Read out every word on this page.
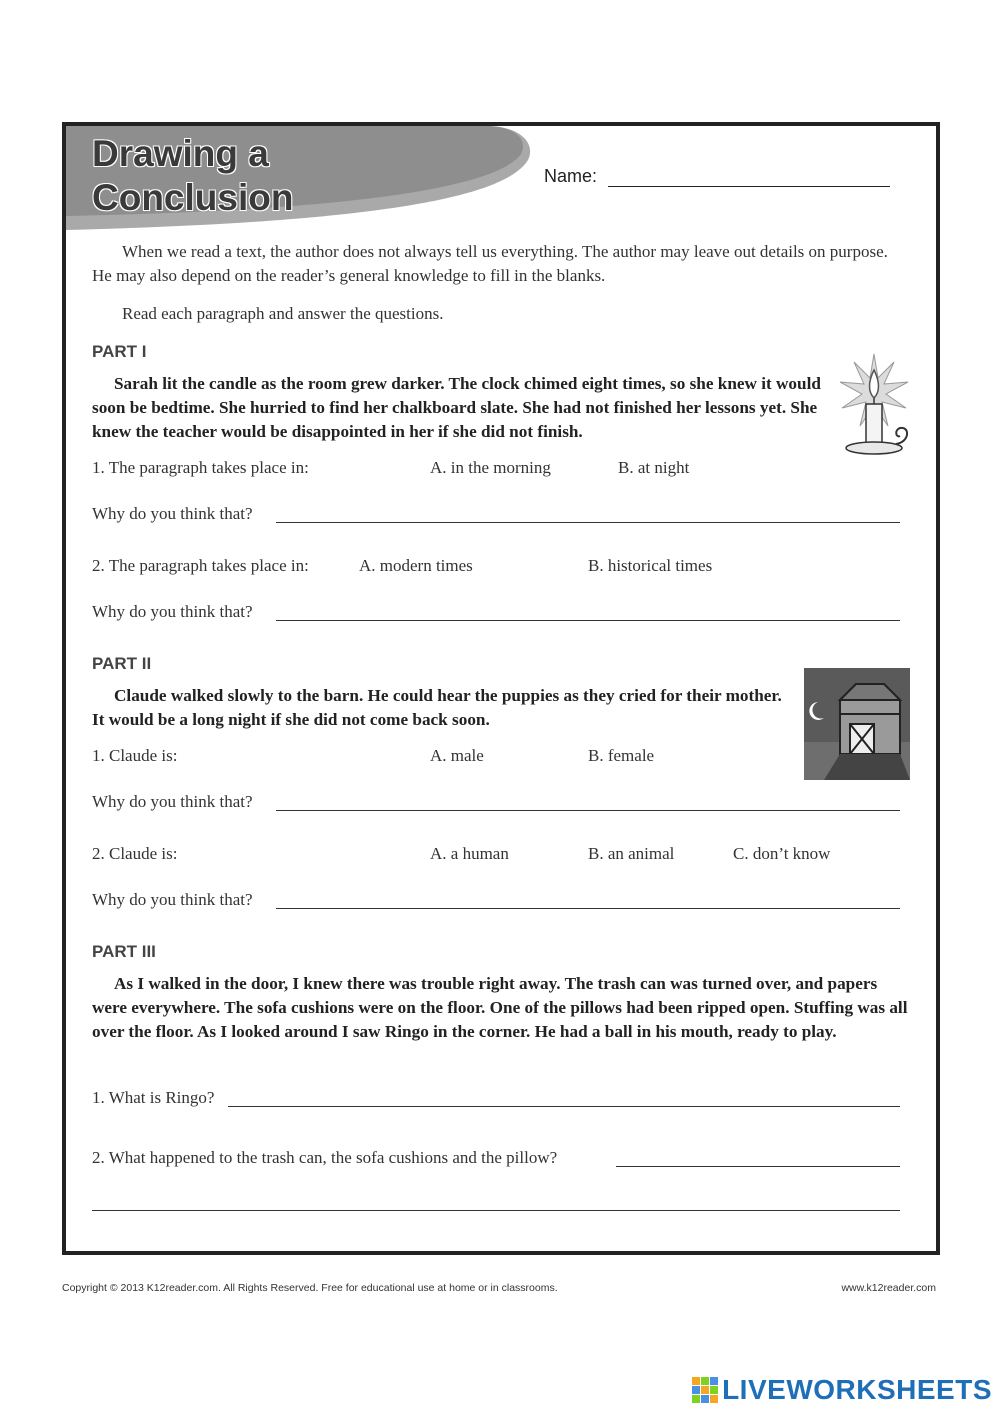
Drawing a
Conclusion
Name:

When we read a text, the author does not always tell us everything. The author may leave out details on purpose. He may also depend on the reader’s general knowledge to fill in the blanks.

Read each paragraph and answer the questions.

PART I

Sarah lit the candle as the room grew darker. The clock chimed eight times, so she knew it would soon be bedtime. She hurried to find her chalkboard slate. She had not finished her lessons yet. She knew the teacher would be disappointed in her if she did not finish.

1. The paragraph takes place in:	A. in the morning	B. at night
Why do you think that?
2. The paragraph takes place in:	A. modern times	B. historical times
Why do you think that?
PART II

Claude walked slowly to the barn. He could hear the puppies as they cried for their mother. It would be a long night if she did not come back soon.

1. Claude is:	A. male	B. female
Why do you think that?
2. Claude is:	A. a human	B. an animal	C. don’t know
Why do you think that?
PART III

As I walked in the door, I knew there was trouble right away. The trash can was turned over, and papers were everywhere. The sofa cushions were on the floor. One of the pillows had been ripped open. Stuffing was all over the floor. As I looked around I saw Ringo in the corner. He had a ball in his mouth, ready to play.

1. What is Ringo?
2. What happened to the trash can, the sofa cushions and the pillow?
Copyright © 2013 K12reader.com. All Rights Reserved. Free for educational use at home or in classrooms.	www.k12reader.com
LIVEWORKSHEETS
